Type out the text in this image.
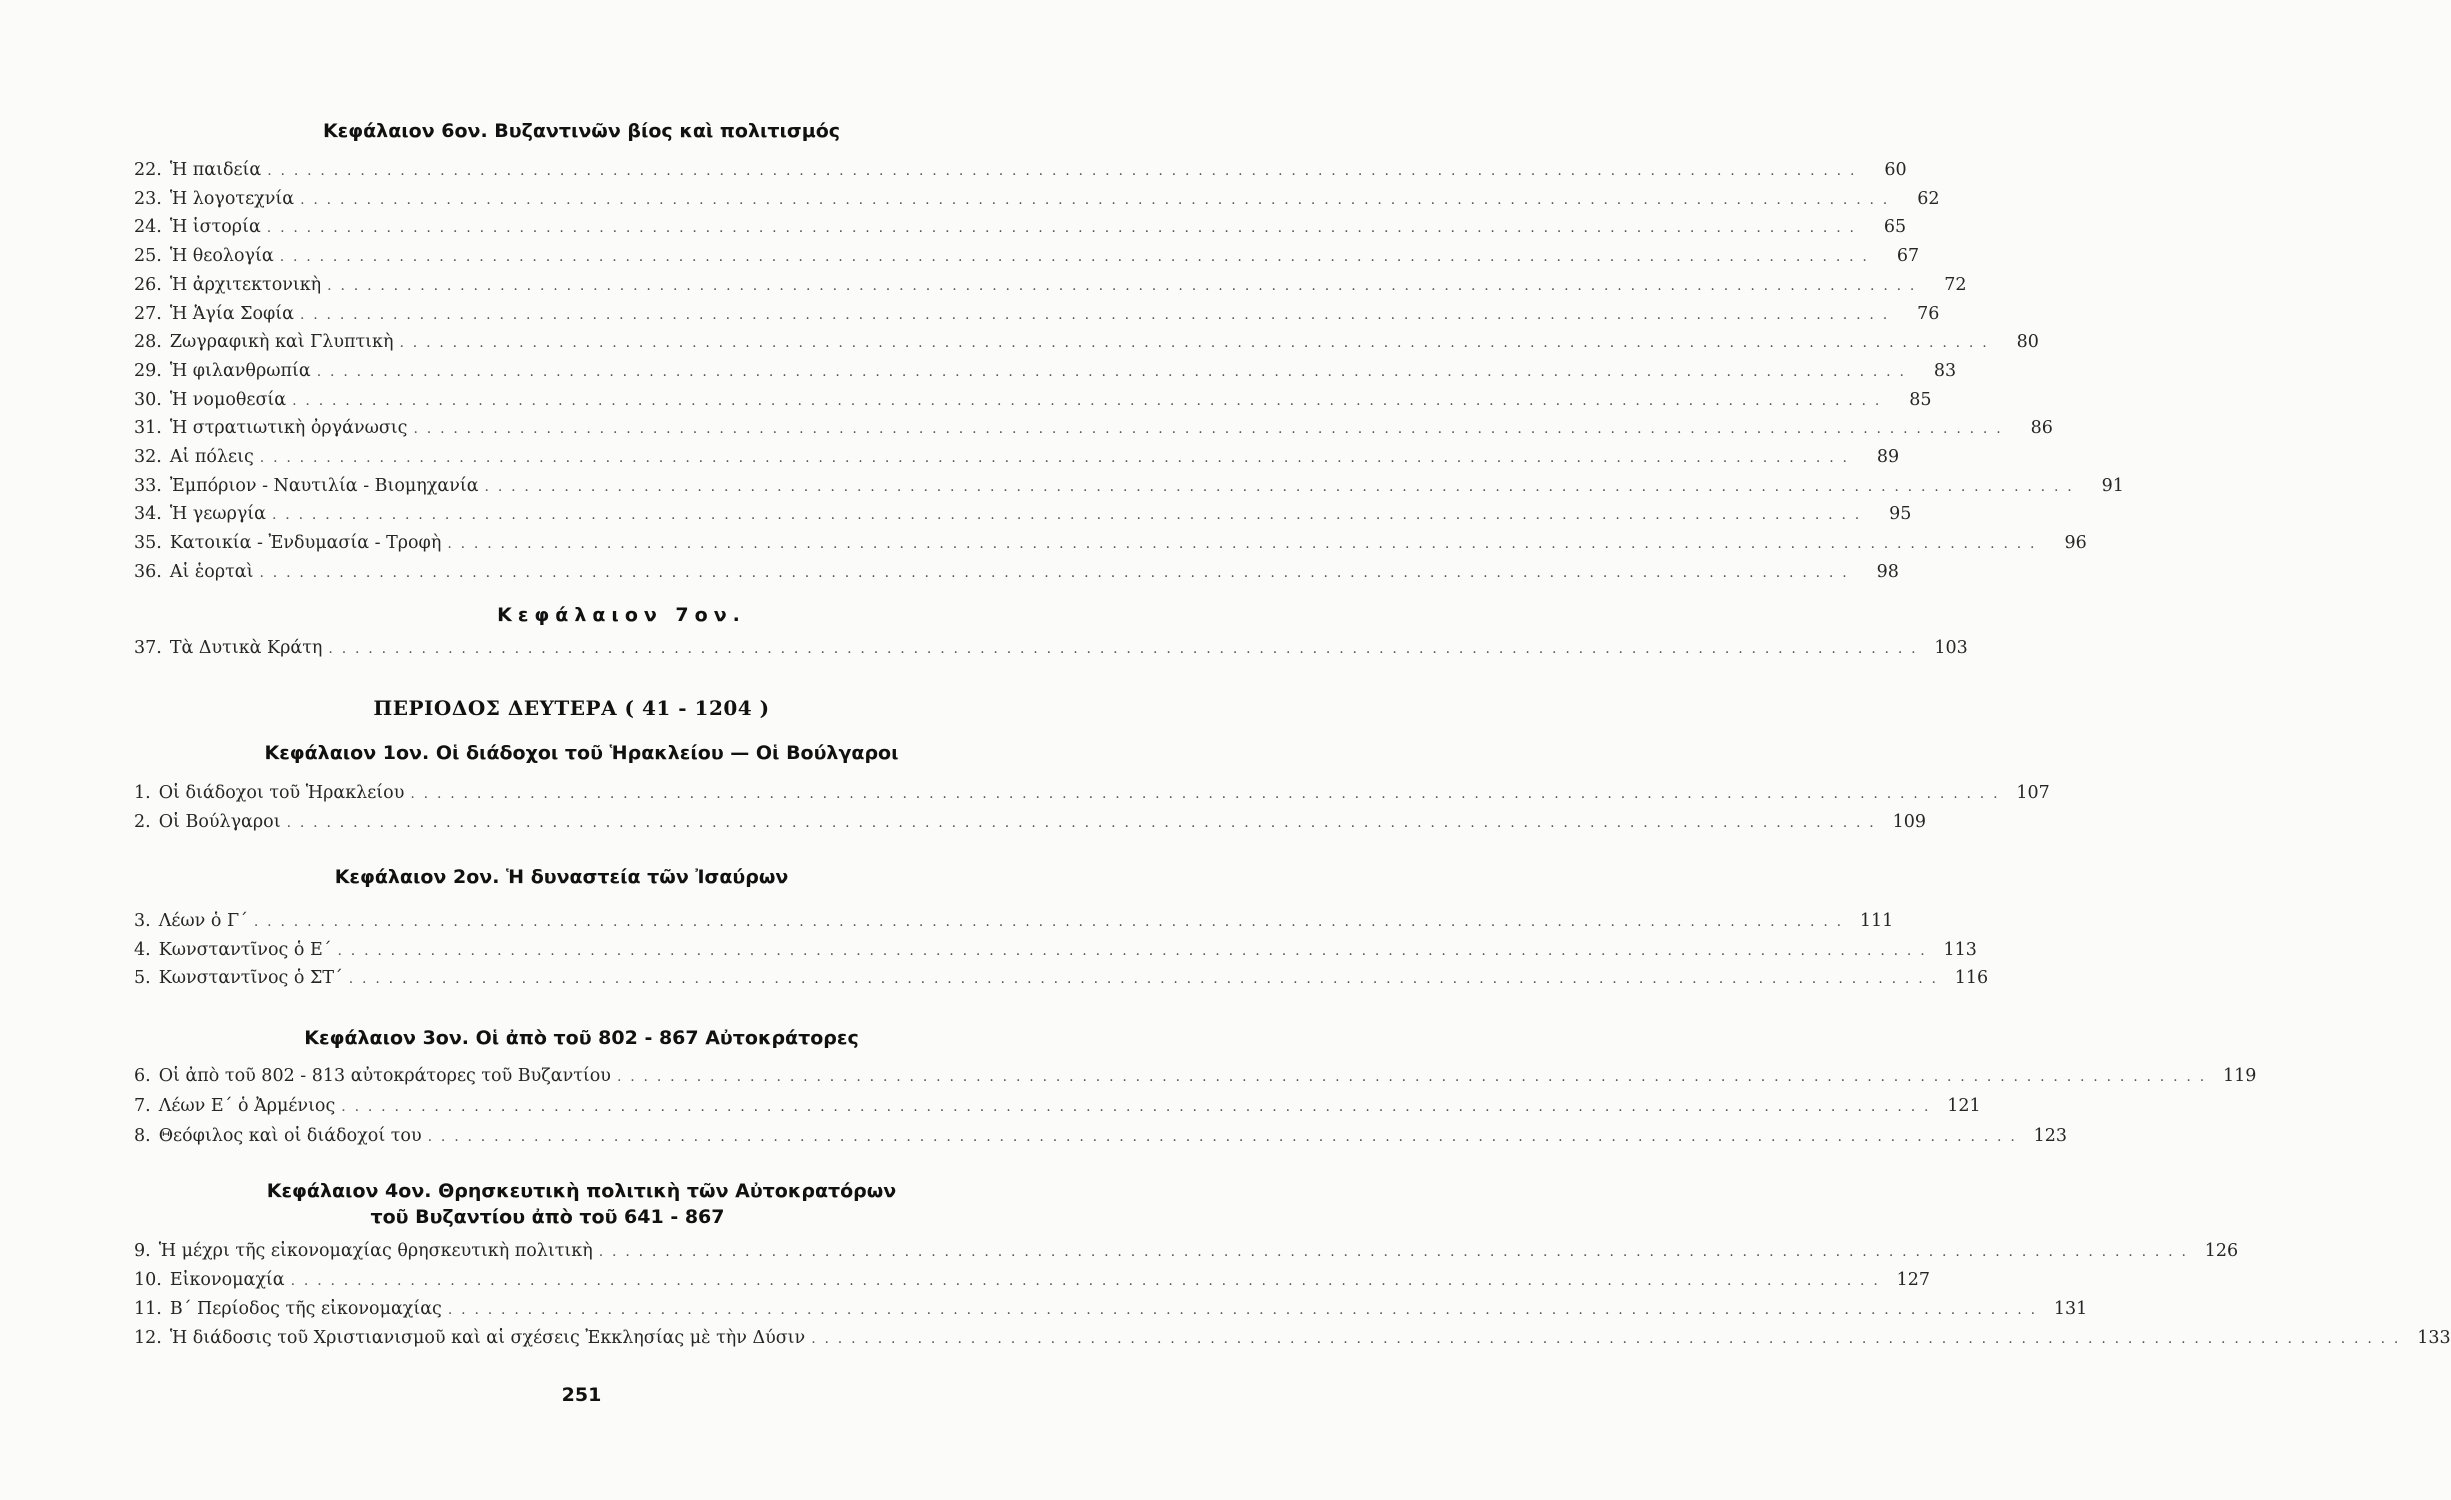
Κεφάλαιον 6ον. Βυζαντινῶν βίος καὶ πολιτισμός
22. Ἡ παιδεία . . . . . . . . . . . . . . . . . . . . . . . . . . . . . . . . . . . . . . . . . . . . . . . . . . . . . . . . . . . . . . . . . . . . . . . . . . . . . . . . . . . . . . . . . . . . . . . . . . . . . . . . . . . . . . . . . . . . . . . .	60
23. Ἡ λογοτεχνία . . . . . . . . . . . . . . . . . . . . . . . . . . . . . . . . . . . . . . . . . . . . . . . . . . . . . . . . . . . . . . . . . . . . . . . . . . . . . . . . . . . . . . . . . . . . . . . . . . . . . . . . . . . . . . . . . . . . . . . .	62
24. Ἡ ἱστορία . . . . . . . . . . . . . . . . . . . . . . . . . . . . . . . . . . . . . . . . . . . . . . . . . . . . . . . . . . . . . . . . . . . . . . . . . . . . . . . . . . . . . . . . . . . . . . . . . . . . . . . . . . . . . . . . . . . . . . . .	65
25. Ἡ θεολογία . . . . . . . . . . . . . . . . . . . . . . . . . . . . . . . . . . . . . . . . . . . . . . . . . . . . . . . . . . . . . . . . . . . . . . . . . . . . . . . . . . . . . . . . . . . . . . . . . . . . . . . . . . . . . . . . . . . . . . . .	67
26. Ἡ ἀρχιτεκτονικὴ . . . . . . . . . . . . . . . . . . . . . . . . . . . . . . . . . . . . . . . . . . . . . . . . . . . . . . . . . . . . . . . . . . . . . . . . . . . . . . . . . . . . . . . . . . . . . . . . . . . . . . . . . . . . . . . . . . . . . . . .	72
27. Ἡ Ἁγία Σοφία . . . . . . . . . . . . . . . . . . . . . . . . . . . . . . . . . . . . . . . . . . . . . . . . . . . . . . . . . . . . . . . . . . . . . . . . . . . . . . . . . . . . . . . . . . . . . . . . . . . . . . . . . . . . . . . . . . . . . . . .	76
28. Ζωγραφικὴ καὶ Γλυπτικὴ . . . . . . . . . . . . . . . . . . . . . . . . . . . . . . . . . . . . . . . . . . . . . . . . . . . . . . . . . . . . . . . . . . . . . . . . . . . . . . . . . . . . . . . . . . . . . . . . . . . . . . . . . . . . . . . . . . . . . . . .	80
29. Ἡ φιλανθρωπία . . . . . . . . . . . . . . . . . . . . . . . . . . . . . . . . . . . . . . . . . . . . . . . . . . . . . . . . . . . . . . . . . . . . . . . . . . . . . . . . . . . . . . . . . . . . . . . . . . . . . . . . . . . . . . . . . . . . . . . .	83
30. Ἡ νομοθεσία . . . . . . . . . . . . . . . . . . . . . . . . . . . . . . . . . . . . . . . . . . . . . . . . . . . . . . . . . . . . . . . . . . . . . . . . . . . . . . . . . . . . . . . . . . . . . . . . . . . . . . . . . . . . . . . . . . . . . . . .	85
31. Ἡ στρατιωτικὴ ὀργάνωσις . . . . . . . . . . . . . . . . . . . . . . . . . . . . . . . . . . . . . . . . . . . . . . . . . . . . . . . . . . . . . . . . . . . . . . . . . . . . . . . . . . . . . . . . . . . . . . . . . . . . . . . . . . . . . . . . . . . . . . . .	86
32. Αἱ πόλεις . . . . . . . . . . . . . . . . . . . . . . . . . . . . . . . . . . . . . . . . . . . . . . . . . . . . . . . . . . . . . . . . . . . . . . . . . . . . . . . . . . . . . . . . . . . . . . . . . . . . . . . . . . . . . . . . . . . . . . . .	89
33. Ἐμπόριον - Ναυτιλία - Βιομηχανία . . . . . . . . . . . . . . . . . . . . . . . . . . . . . . . . . . . . . . . . . . . . . . . . . . . . . . . . . . . . . . . . . . . . . . . . . . . . . . . . . . . . . . . . . . . . . . . . . . . . . . . . . . . . . . . . . . . . . . . .	91
34. Ἡ γεωργία . . . . . . . . . . . . . . . . . . . . . . . . . . . . . . . . . . . . . . . . . . . . . . . . . . . . . . . . . . . . . . . . . . . . . . . . . . . . . . . . . . . . . . . . . . . . . . . . . . . . . . . . . . . . . . . . . . . . . . . .	95
35. Κατοικία - Ἐνδυμασία - Τροφὴ . . . . . . . . . . . . . . . . . . . . . . . . . . . . . . . . . . . . . . . . . . . . . . . . . . . . . . . . . . . . . . . . . . . . . . . . . . . . . . . . . . . . . . . . . . . . . . . . . . . . . . . . . . . . . . . . . . . . . . . .	96
36. Αἱ ἑορταὶ . . . . . . . . . . . . . . . . . . . . . . . . . . . . . . . . . . . . . . . . . . . . . . . . . . . . . . . . . . . . . . . . . . . . . . . . . . . . . . . . . . . . . . . . . . . . . . . . . . . . . . . . . . . . . . . . . . . . . . . .	98
Κεφάλαιον 7ον.
37. Τὰ Δυτικὰ Κράτη . . . . . . . . . . . . . . . . . . . . . . . . . . . . . . . . . . . . . . . . . . . . . . . . . . . . . . . . . . . . . . . . . . . . . . . . . . . . . . . . . . . . . . . . . . . . . . . . . . . . . . . . . . . . . . . . . . . . . . . . 103
ΠΕΡΙΟΔΟΣ ΔΕΥΤΕΡΑ ( 41 - 1204 )
Κεφάλαιον 1ον. Οἱ διάδοχοι τοῦ Ἡρακλείου — Οἱ Βούλγαροι
1. Οἱ διάδοχοι τοῦ Ἡρακλείου . . . . . . . . . . . . . . . . . . . . . . . . . . . . . . . . . . . . . . . . . . . . . . . . . . . . . . . . . . . . . . . . . . . . . . . . . . . . . . . . . . . . . . . . . . . . . . . . . . . . . . . . . . . . . . . . . . . . . . . . 107
2. Οἱ Βούλγαροι . . . . . . . . . . . . . . . . . . . . . . . . . . . . . . . . . . . . . . . . . . . . . . . . . . . . . . . . . . . . . . . . . . . . . . . . . . . . . . . . . . . . . . . . . . . . . . . . . . . . . . . . . . . . . . . . . . . . . . . . 109
Κεφάλαιον 2ον. Ἡ δυναστεία τῶν Ἰσαύρων
3. Λέων ὁ Γ΄ . . . . . . . . . . . . . . . . . . . . . . . . . . . . . . . . . . . . . . . . . . . . . . . . . . . . . . . . . . . . . . . . . . . . . . . . . . . . . . . . . . . . . . . . . . . . . . . . . . . . . . . . . . . . . . . . . . . . . . . . 111
4. Κωνσταντῖνος ὁ Ε΄ . . . . . . . . . . . . . . . . . . . . . . . . . . . . . . . . . . . . . . . . . . . . . . . . . . . . . . . . . . . . . . . . . . . . . . . . . . . . . . . . . . . . . . . . . . . . . . . . . . . . . . . . . . . . . . . . . . . . . . . . 113
5. Κωνσταντῖνος ὁ ΣΤ΄ . . . . . . . . . . . . . . . . . . . . . . . . . . . . . . . . . . . . . . . . . . . . . . . . . . . . . . . . . . . . . . . . . . . . . . . . . . . . . . . . . . . . . . . . . . . . . . . . . . . . . . . . . . . . . . . . . . . . . . . . 116
Κεφάλαιον 3ον. Οἱ ἀπὸ τοῦ 802 - 867 Αὐτοκράτορες
6. Οἱ ἀπὸ τοῦ 802 - 813 αὐτοκράτορες τοῦ Βυζαντίου . . . . . . . . . . . . . . . . . . . . . . . . . . . . . . . . . . . . . . . . . . . . . . . . . . . . . . . . . . . . . . . . . . . . . . . . . . . . . . . . . . . . . . . . . . . . . . . . . . . . . . . . . . . . . . . . . . . . . . . . 119
7. Λέων Ε΄ ὁ Ἀρμένιος . . . . . . . . . . . . . . . . . . . . . . . . . . . . . . . . . . . . . . . . . . . . . . . . . . . . . . . . . . . . . . . . . . . . . . . . . . . . . . . . . . . . . . . . . . . . . . . . . . . . . . . . . . . . . . . . . . . . . . . . 121
8. Θεόφιλος καὶ οἱ διάδοχοί του . . . . . . . . . . . . . . . . . . . . . . . . . . . . . . . . . . . . . . . . . . . . . . . . . . . . . . . . . . . . . . . . . . . . . . . . . . . . . . . . . . . . . . . . . . . . . . . . . . . . . . . . . . . . . . . . . . . . . . . . 123
Κεφάλαιον 4ον. Θρησκευτικὴ πολιτικὴ τῶν Αὐτοκρατόρων
τοῦ Βυζαντίου ἀπὸ τοῦ 641 - 867
9. Ἡ μέχρι τῆς εἰκονομαχίας θρησκευτικὴ πολιτικὴ . . . . . . . . . . . . . . . . . . . . . . . . . . . . . . . . . . . . . . . . . . . . . . . . . . . . . . . . . . . . . . . . . . . . . . . . . . . . . . . . . . . . . . . . . . . . . . . . . . . . . . . . . . . . . . . . . . . . . . . . 126
10. Εἰκονομαχία . . . . . . . . . . . . . . . . . . . . . . . . . . . . . . . . . . . . . . . . . . . . . . . . . . . . . . . . . . . . . . . . . . . . . . . . . . . . . . . . . . . . . . . . . . . . . . . . . . . . . . . . . . . . . . . . . . . . . . . . 127
11. Β΄ Περίοδος τῆς εἰκονομαχίας . . . . . . . . . . . . . . . . . . . . . . . . . . . . . . . . . . . . . . . . . . . . . . . . . . . . . . . . . . . . . . . . . . . . . . . . . . . . . . . . . . . . . . . . . . . . . . . . . . . . . . . . . . . . . . . . . . . . . . . . 131
12. Ἡ διάδοσις τοῦ Χριστιανισμοῦ καὶ αἱ σχέσεις Ἐκκλησίας μὲ τὴν Δύσιν . . . . . . . . . . . . . . . . . . . . . . . . . . . . . . . . . . . . . . . . . . . . . . . . . . . . . . . . . . . . . . . . . . . . . . . . . . . . . . . . . . . . . . . . . . . . . . . . . . . . . . . . . . . . . . . . . . . . . . . . 133
251
